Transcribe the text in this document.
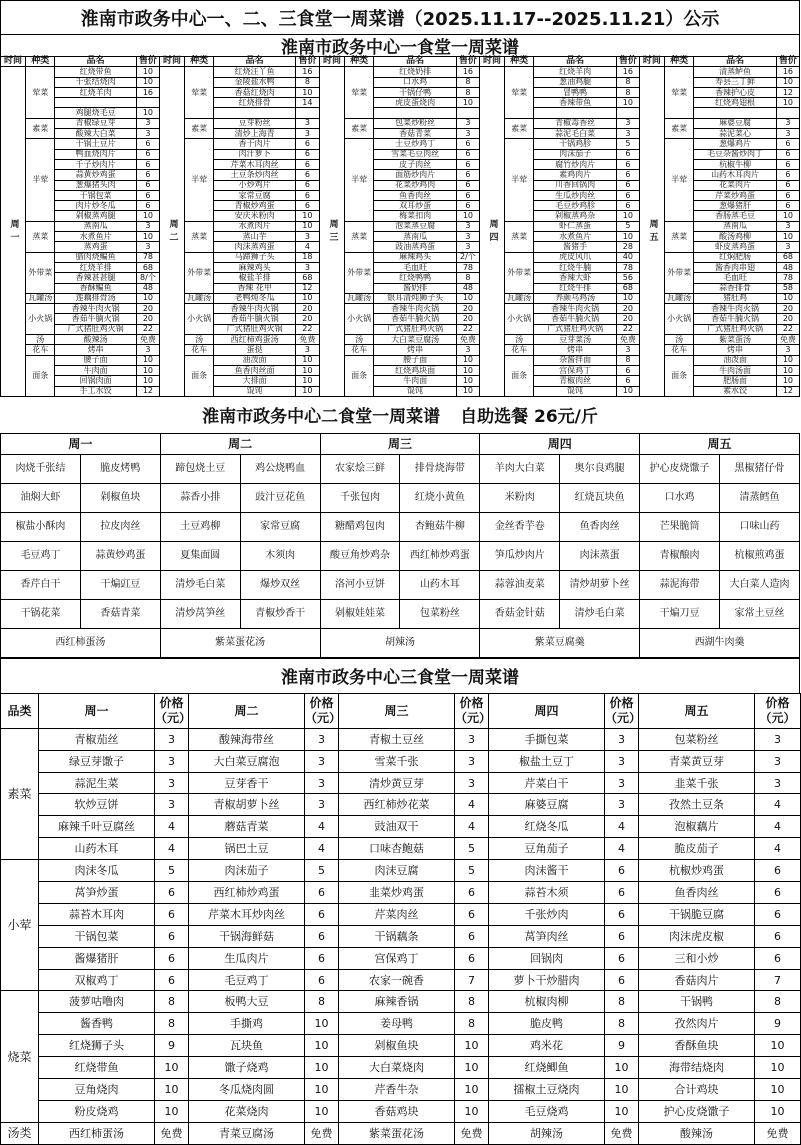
淮南市政务中心一、二、三食堂一周菜谱（2025.11.17--2025.11.21）公示
淮南市政务中心一食堂一周菜谱
时间	种类	品名	售价	时间	种类	品名	售价	时间	种类	品名	售价	时间	种类	品名	售价	时间	种类	品名	售价
周一	荤菜	红烧带鱼	10	周二	荤菜	红烧汪丫鱼	16	周三	荤菜	红烧奶排	16	周四	荤菜	红烧羊肉	16	周五	荤菜	清蒸鲈鱼	16
		千张结烧肉	10			金陵盐水鸭	8			口水鸡	8			葱油鸡腿	8			寿县三丁鲜	10
		红烧羊肉	16			香菇红烧肉	10			干锅仔鸭	8			冒鸭鸭	8			香辣护心皮	12
						红烧排骨	14			虎皮蛋烧肉	10			香辣带鱼	10			红烧鸡翅根	10
		鸡腿烧毛豆	10																
	素菜	青椒绿豆芽	3		素菜	豆芽粉丝	3		素菜	包菜炒粉丝	3		素菜	青椒毒香丝	3		素菜	麻婆豆腐	3
		酸辣大白菜	3			清炒上海青	3			香菇青菜	3			蒜泥毛白菜	3			蒜泥菜心	3
	半荤	干锅土豆片	6		半荤	香干肉片	6		半荤	土豆炒鸡丁	6		半荤	干锅鸡胗	5		半荤	葱爆鸡片	6
		鸭血烧肉片	6			肉汁萝卜	6			雪菜毛豆肉丝	6			肉沫茄子	6			毛豆杂酱炒肉丁	6
		千子炒肉片	6			芹菜木耳肉丝	6			皮子肉丝	6			腐竹炒肉片	6			杭椒牛柳	6
		蒜黄炒鸡蛋	6			土豆条炒肉丝	6			面筋炒肉片	6			素鸡肉片	6			山药木耳肉片	6
		葱爆猪头肉	6			小炒鸡片	6			花菜炒鸡肉	6			川香回锅肉	6			花菜肉片	6
		干锅包菜	6			家常豆腐	6			鱼香肉丝	6			生瓜炒肉丝	6			芹菜炒鸡蛋	6
		肉片炒冬瓜	6			青椒炒鸡蛋	6			双耳炒蛋	6			毛豆炒鸡胗	6			葱爆猪肝	6
		剁椒蒸鸡腿	10			安庆米粉肉	10			梅菜扣肉	10			剁椒蒸鸡杂	10			香肠蒸毛豆	10
	蒸菜	蒸南瓜	3		蒸菜	水煮肉片	10		蒸菜	泡菜蒸豆腐	3		蒸菜	虾仁蒸蛋	5		蒸菜	蒸南瓜	3
		水煮鱼片	10			蒸山芋	3			蒸南瓜	3			水煮鱼片	10			酸汤鸡柳	10
		蒸鸡蛋	3			肉沫蒸鸡蛋	4			豉油蒸鸡蛋	3			酱猪手	28			虾皮蒸鸡蛋	3
	外带菜	腊肉烧鳊鱼	78		外带菜	马蹄狮子头	18		外带菜	麻辣鸡头	2/个		外带菜	虎皮风爪	40		外带菜	红焖肥肠	68
		红烧羊排	68			麻辣鸡头	3			毛血旺	78			红烧牛腩	78			酱香肉串翅	48
		香辣甚甚腿	8/个			椒盐羊排	68			红烧鸭鸭	8			香辣大虾	56			毛血旺	78
		香酥鳊鱼	48			香辣 花甲	12			酱奶排	48			红烧牛排	68			蒜香排骨	58
	瓦罐汤	莲藕排骨汤	10		瓦罐汤	老鸭炖冬瓜	10		瓦罐汤	银耳清炖狮子头	10		瓦罐汤	养颜乌鸡汤	10		瓦罐汤	猪肚鸡	10
	小火锅	香辣牛肉火锅	20		小火锅	香辣牛肉火锅	20		小火锅	香辣牛肉火锅	20		小火锅	香辣牛肉火锅	20		小火锅	香辣牛肉火锅	20
		香茹牛腩火锅	20			香茹牛腩火锅	20			香茹牛腩火锅	20			香茹牛腩火锅	20			香茹牛腩火锅	20
		广式猪肚鸡火锅	22			广式猪肚鸡火锅	22			广式猪肚鸡火锅	22			广式猪肚鸡火锅	22			广式猪肚鸡火锅	22
	汤	酸辣汤	免费		汤	西红柿鸡蛋汤	免费		汤	大白菜豆腐汤	免费		汤	豆芽菜汤	免费		汤	紫菜蛋汤	免费
	花车	烤串	3		花车	蛋挞	3		花车	烤串	3		花车	烤串	3		花车	烤串	3
	面条	腰子面	10		面条	油泼面	10		面条	腰子面	10		面条	杂酱拌面	8		面条	油泼面	10
		牛肉面	10			鱼香肉丝面	10			红烧鸡块面	10			宫保鸡丁	6			牛肉汤面	10
		回锅肉面	10			大排面	10			牛肉面	10			青椒肉丝	6			肥肠面	10
		手工水饺	12			馄饨	10			馄饨	10			馄饨	10			素水饺	12
淮南市政务中心二食堂一周菜谱 自助选餐 26元/斤
周一		周二		周三		周四		周五	
肉烧千张结	脆皮烤鸭	蹄包烧土豆	鸡公烧鸭血	农家烩三鲜	排骨烧海带	羊肉大白菜	奥尔良鸡腿	护心皮烧馓子	黑椒猪仔骨
油焖大虾	剁椒鱼块	蒜香小排	豉汁豆花鱼	千张包肉	红烧小黄鱼	米粉肉	红烧瓦块鱼	口水鸡	清蒸鳕鱼
椒盐小酥肉	拉皮肉丝	土豆鸡柳	家常豆腐	糖醋鸡包肉	杏鲍菇牛柳	金丝香芋卷	鱼香肉丝	芒果脆筒	口味山药
毛豆鸡丁	蒜黄炒鸡蛋	夏集面圆	木须肉	酸豆角炒鸡杂	西红柿炒鸡蛋	笋瓜炒肉片	肉沫蒸蛋	青椒酿肉	杭椒煎鸡蛋
香芹白干	干煸豇豆	清炒毛白菜	爆炒双丝	洛河小豆饼	山药木耳	蒜蓉油麦菜	清炒胡萝卜丝	蒜泥海带	大白菜人造肉
干锅花菜	香菇青菜	清炒莴笋丝	青椒炒香干	剁椒娃娃菜	包菜粉丝	香菇金针菇	清炒毛白菜	干煸刀豆	家常土豆丝
西红柿蛋汤		紫菜蛋花汤		胡辣汤		紫菜豆腐羹		西湖牛肉羹	
淮南市政务中心三食堂一周菜谱
品类	周一	价格（元）	周二	价格（元）	周三	价格（元）	周四	价格（元）	周五	价格（元）
素菜	青椒茄丝	3	酸辣海带丝	3	青椒土豆丝	3	手撕包菜	3	包菜粉丝	3
	绿豆芽馓子	3	大白菜豆腐泡	3	雪菜千张	3	椒盐土豆丁	3	青菜黄豆芽	3
	蒜泥生菜	3	豆芽香干	3	清炒黄豆芽	3	芹菜白干	3	韭菜千张	3
	软炒豆饼	3	青椒胡萝卜丝	3	西红柿炒花菜	4	麻婆豆腐	3	孜然土豆条	4
	麻辣千叶豆腐丝	4	蘑菇青菜	4	豉油双干	4	红烧冬瓜	4	泡椒藕片	4
	山药木耳	4	锅巴土豆	4	口味杏鲍菇	5	豆角茄子	4	脆皮茄子	4
小荤	肉沫冬瓜	5	肉沫茄子	5	肉沫豆腐	5	肉沫酱干	6	杭椒炒鸡蛋	6
	莴笋炒蛋	6	西红柿炒鸡蛋	6	韭菜炒鸡蛋	6	蒜苔木须	6	鱼香肉丝	6
	蒜苔木耳肉	6	芹菜木耳炒肉丝	6	芹菜肉丝	6	千张炒肉	6	干锅脆豆腐	6
	干锅包菜	6	干锅海鲜菇	6	干锅藕条	6	莴笋肉丝	6	肉沫虎皮椒	6
	酱爆猪肝	6	生瓜肉片	6	宫保鸡丁	6	回锅肉	6	三和小炒	6
	双椒鸡丁	6	毛豆鸡丁	6	农家一碗香	7	萝卜干炒腊肉	6	香菇肉片	7
烧菜	菠萝咕噜肉	8	板鸭大豆	8	麻辣香锅	8	杭椒肉柳	8	干锅鸭	8
	酱香鸭	8	手撕鸡	10	姜母鸭	8	脆皮鸭	8	孜然肉片	9
	红烧狮子头	9	瓦块鱼	10	剁椒鱼块	10	鸡米花	9	香酥鱼块	10
	红烧带鱼	10	馓子烧鸡	10	大白菜烧肉	10	红烧鲫鱼	10	海带结烧肉	10
	豆角烧肉	10	冬瓜烧肉圆	10	芹香牛杂	10	擂椒土豆烧肉	10	合计鸡块	10
	粉皮烧鸡	10	花菜烧肉	10	香菇鸡块	10	毛豆烧鸡	10	护心皮烧馓子	10
汤类	西红柿蛋汤	免费	青菜豆腐汤	免费	紫菜蛋花汤	免费	胡辣汤	免费	酸辣汤	免费
